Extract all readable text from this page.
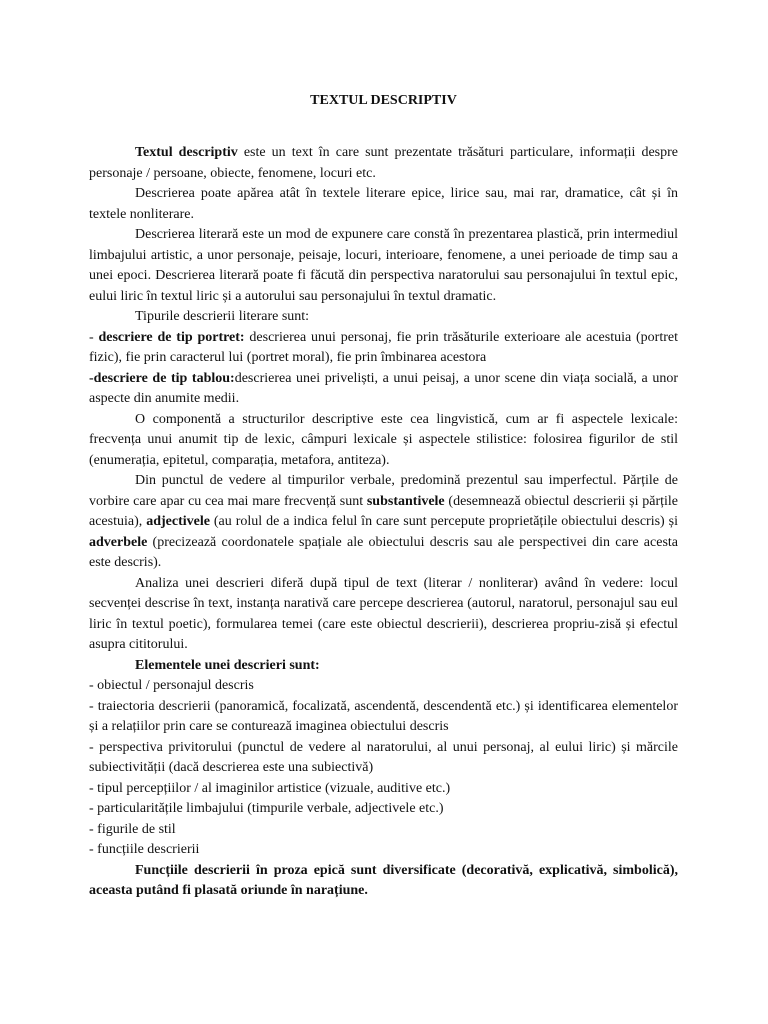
TEXTUL DESCRIPTIV

Textul descriptiv este un text în care sunt prezentate trăsături particulare, informații despre personaje / persoane, obiecte, fenomene, locuri etc.

Descrierea poate apărea atât în textele literare epice, lirice sau, mai rar, dramatice, cât și în textele nonliterare.

Descrierea literară este un mod de expunere care constă în prezentarea plastică, prin intermediul limbajului artistic, a unor personaje, peisaje, locuri, interioare, fenomene, a unei perioade de timp sau a unei epoci. Descrierea literară poate fi făcută din perspectiva naratorului sau personajului în textul epic, eului liric în textul liric și a autorului sau personajului în textul dramatic.

Tipurile descrierii literare sunt:

- descriere de tip portret: descrierea unui personaj, fie prin trăsăturile exterioare ale acestuia (portret fizic), fie prin caracterul lui (portret moral), fie prin îmbinarea acestora

-descriere de tip tablou:descrierea unei priveliști, a unui peisaj, a unor scene din viața socială, a unor aspecte din anumite medii.

O componentă a structurilor descriptive este cea lingvistică, cum ar fi aspectele lexicale: frecvența unui anumit tip de lexic, câmpuri lexicale și aspectele stilistice: folosirea figurilor de stil (enumerația, epitetul, comparația, metafora, antiteza).

Din punctul de vedere al timpurilor verbale, predomină prezentul sau imperfectul. Părțile de vorbire care apar cu cea mai mare frecvență sunt substantivele (desemnează obiectul descrierii și părțile acestuia), adjectivele (au rolul de a indica felul în care sunt percepute proprietățile obiectului descris) și adverbele (precizează coordonatele spațiale ale obiectului descris sau ale perspectivei din care acesta este descris).

Analiza unei descrieri diferă după tipul de text (literar / nonliterar) având în vedere: locul secvenței descrise în text, instanța narativă care percepe descrierea (autorul, naratorul, personajul sau eul liric în textul poetic), formularea temei (care este obiectul descrierii), descrierea propriu-zisă și efectul asupra cititorului.

Elementele unei descrieri sunt:

- obiectul / personajul descris

- traiectoria descrierii (panoramică, focalizată, ascendentă, descendentă etc.) și identificarea elementelor și a relațiilor prin care se conturează imaginea obiectului descris

- perspectiva privitorului (punctul de vedere al naratorului, al unui personaj, al eului liric) și mărcile subiectivității (dacă descrierea este una subiectivă)

- tipul percepțiilor / al imaginilor artistice (vizuale, auditive etc.)

- particularitățile limbajului (timpurile verbale, adjectivele etc.)

- figurile de stil

- funcțiile descrierii

Funcțiile descrierii în proza epică sunt diversificate (decorativă, explicativă, simbolică), aceasta putând fi plasată oriunde în narațiune.
